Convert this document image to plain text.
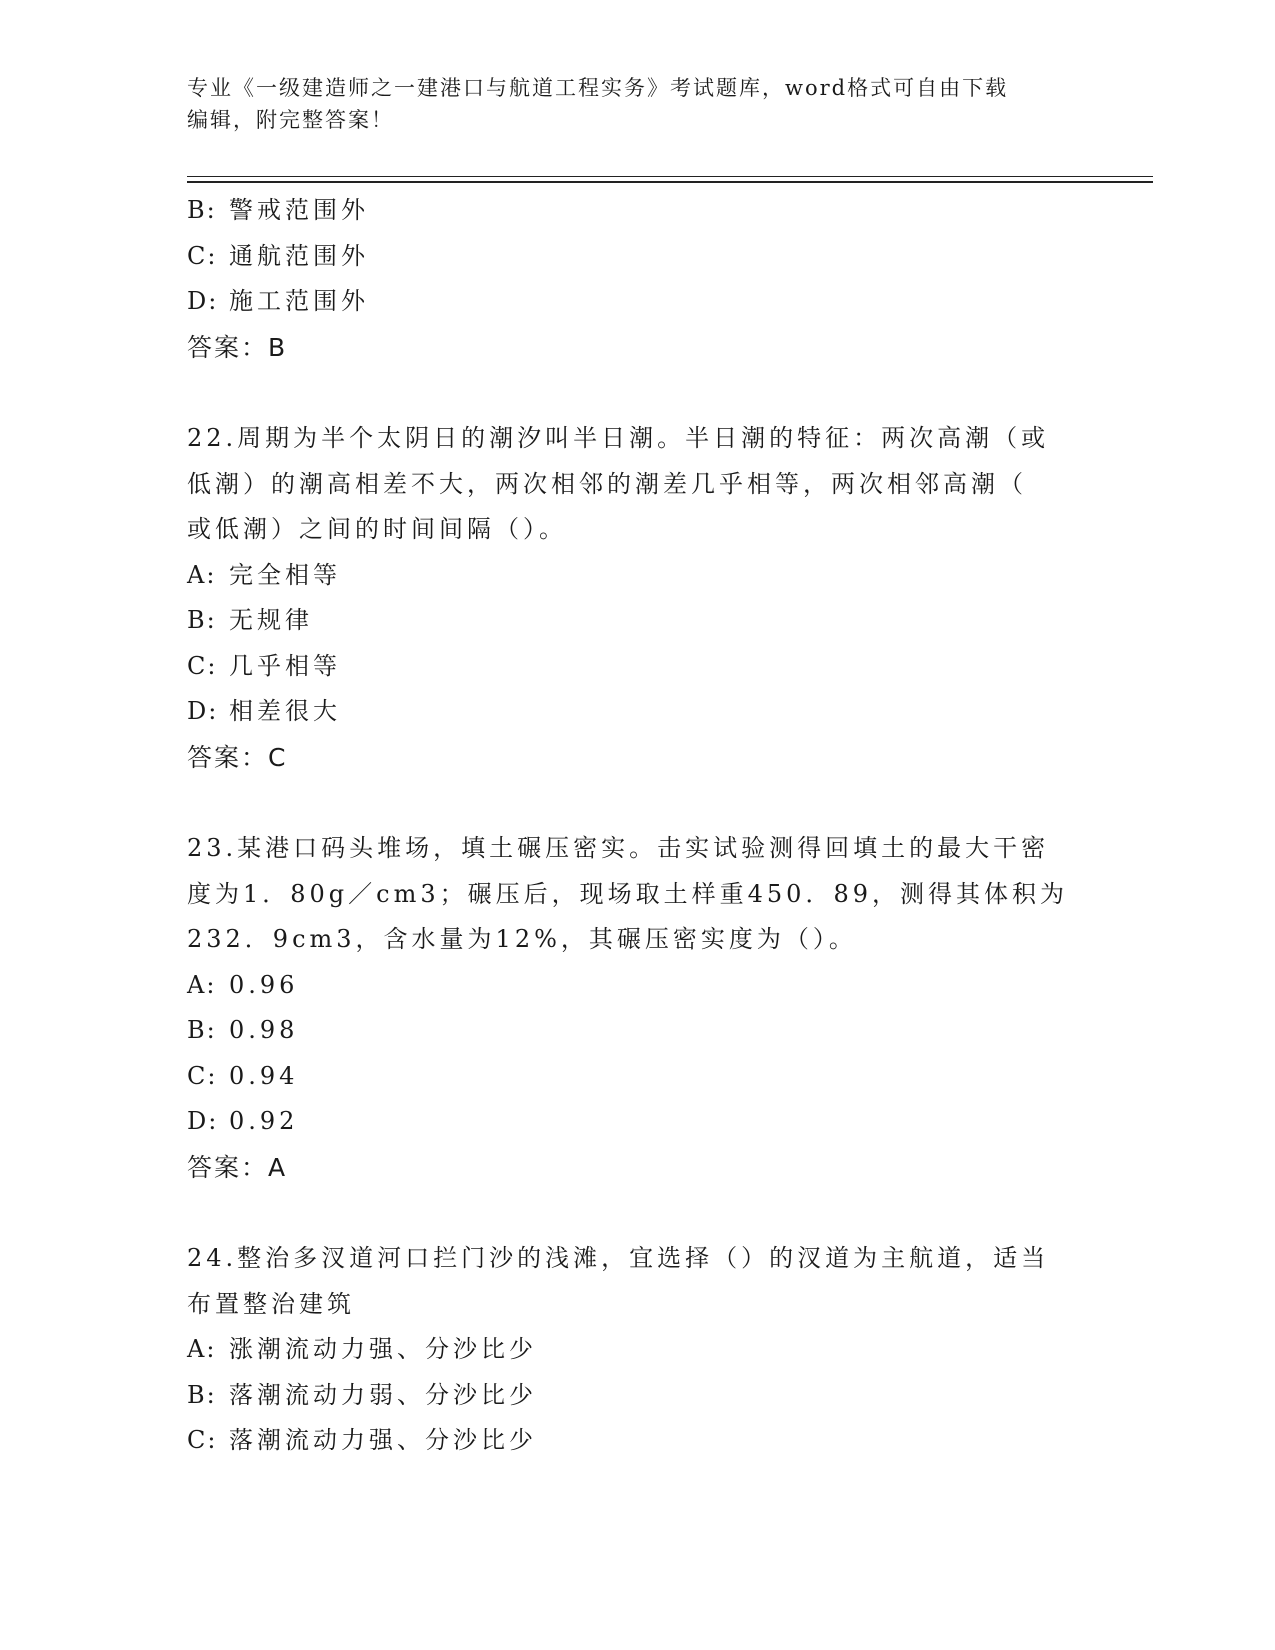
专业《一级建造师之一建港口与航道工程实务》考试题库，word格式可自由下载
编辑，附完整答案！
B: 警戒范围外
C: 通航范围外
D: 施工范围外
答案：B
22.周期为半个太阴日的潮汐叫半日潮。半日潮的特征：两次高潮（或
低潮）的潮高相差不大，两次相邻的潮差几乎相等，两次相邻高潮（
或低潮）之间的时间间隔（）。
A: 完全相等
B: 无规律
C: 几乎相等
D: 相差很大
答案：C
23.某港口码头堆场，填土碾压密实。击实试验测得回填土的最大干密
度为1．80g／cm3；碾压后，现场取土样重450．89，测得其体积为
232．9cm3，含水量为12%，其碾压密实度为（）。
A: 0.96
B: 0.98
C: 0.94
D: 0.92
答案：A
24.整治多汊道河口拦门沙的浅滩，宜选择（）的汊道为主航道，适当
布置整治建筑
A: 涨潮流动力强、分沙比少
B: 落潮流动力弱、分沙比少
C: 落潮流动力强、分沙比少
